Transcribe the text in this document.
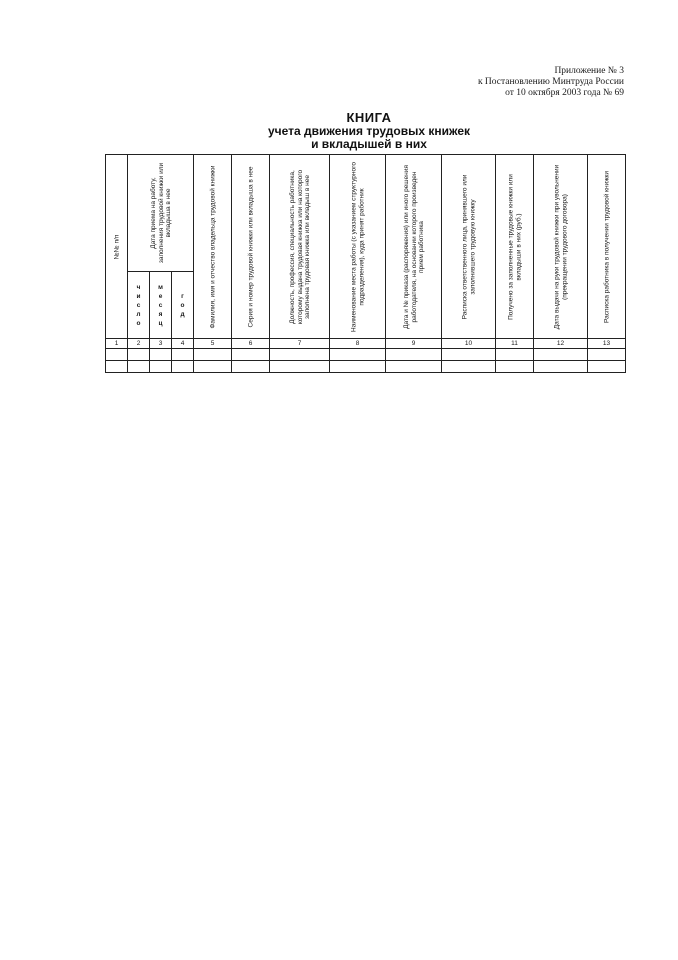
Приложение № 3
к Постановлению Минтруда России
от 10 октября 2003 года № 69
КНИГА
учета движения трудовых книжек
и вкладышей в них
№№ п/п	Дата приема на работу, заполнения трудовой книжки или вкладыша в нее			Фамилия, имя и отчество владельца трудовой книжки	Серия и номер трудовой книжки или вкладыша в нее	Должность, профессия, специальность работника, которому выдана трудовая книжка или на которого заполнена трудовая книжка или вкладыш в нее	Наименование места работы (с указанием структурного подразделения), куда принят работник	Дата и № приказа (распоряжения) или иного решения работодателя, на основании которого произведен прием работника	Расписка ответственного лица, принявшего или заполнившего трудовую книжку	Получено за заполненные трудовые книжки или вкладыши в них (руб.)	Дата выдачи на руки трудовой книжки при увольнении (прекращении трудового договора)	Расписка работника в получении трудовой книжки

ч
и
с
л
о	м
е
с
я
ц	г
о
д									

1	2	3	4	5	6	7	8	9	10	11	12	13
